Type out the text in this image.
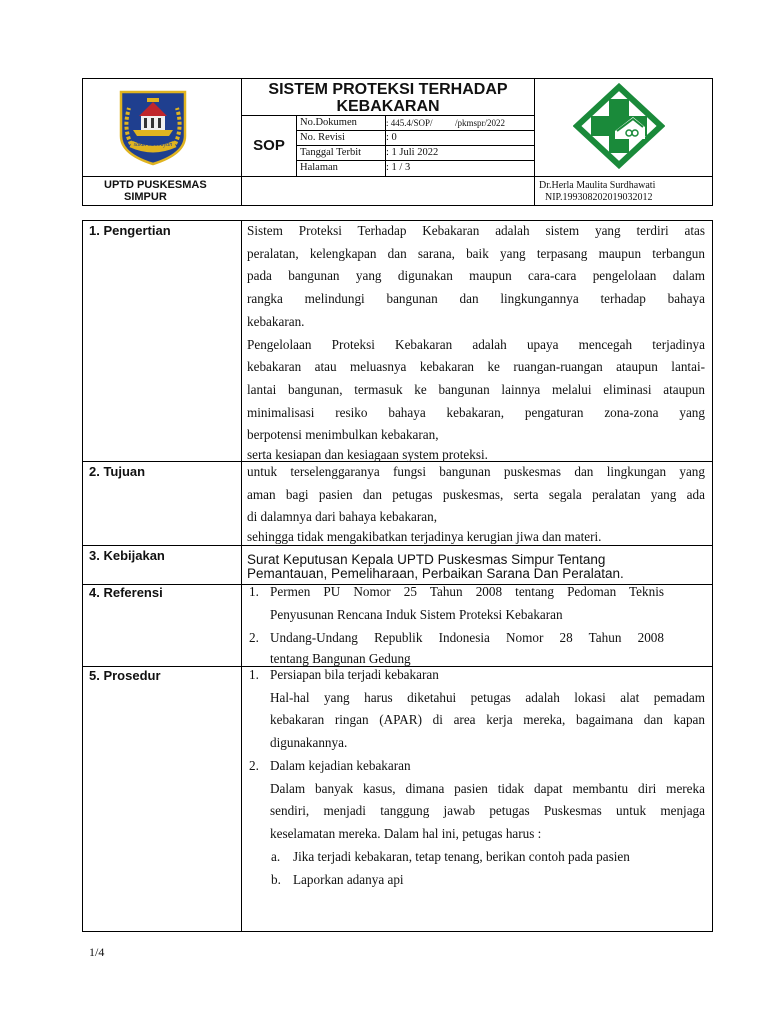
sakai sambayan
SISTEM PROTEKSI TERHADAP
KEBAKARAN
SOP
No.Dokumen	: 445.4/SOP/          /pkmspr/2022
No. Revisi	: 0
Tanggal Terbit : 1 Juli 2022
Halaman	: 1 / 3
UPTD PUSKESMAS
SIMPUR
Dr.Herla Maulita Surdhawati
NIP.199308202019032012
1. Pengertian	Sistem Proteksi Terhadap Kebakaran adalah sistem yang terdiri atas
peralatan, kelengkapan dan sarana, baik yang terpasang maupun terbangun
pada bangunan yang digunakan maupun cara-cara pengelolaan dalam
rangka melindungi bangunan dan lingkungannya terhadap bahaya
kebakaran.
Pengelolaan Proteksi Kebakaran adalah upaya mencegah terjadinya
kebakaran atau meluasnya kebakaran ke ruangan-ruangan ataupun lantai-
lantai bangunan, termasuk ke bangunan lainnya melalui eliminasi ataupun
minimalisasi resiko bahaya kebakaran, pengaturan zona-zona yang
berpotensi menimbulkan kebakaran,
serta kesiapan dan kesiagaan system proteksi.
2. Tujuan	untuk terselenggaranya fungsi bangunan puskesmas dan lingkungan yang
aman bagi pasien dan petugas puskesmas, serta segala peralatan yang ada
di dalamnya dari bahaya kebakaran,
sehingga tidak mengakibatkan terjadinya kerugian jiwa dan materi.
3. Kebijakan	Surat Keputusan Kepala UPTD Puskesmas Simpur Tentang
Pemantauan, Pemeliharaan, Perbaikan Sarana Dan Peralatan.
4. Referensi	1. Permen PU Nomor 25 Tahun 2008 tentang Pedoman Teknis
Penyusunan Rencana Induk Sistem Proteksi Kebakaran
2. Undang-Undang Republik Indonesia Nomor 28 Tahun 2008
tentang Bangunan Gedung
5. Prosedur	1. Persiapan bila terjadi kebakaran
Hal-hal yang harus diketahui petugas adalah lokasi alat pemadam
kebakaran ringan (APAR) di area kerja mereka, bagaimana dan kapan
digunakannya.
2. Dalam kejadian kebakaran
Dalam banyak kasus, dimana pasien tidak dapat membantu diri mereka
sendiri, menjadi tanggung jawab petugas Puskesmas untuk menjaga
keselamatan mereka. Dalam hal ini, petugas harus :
a. Jika terjadi kebakaran, tetap tenang, berikan contoh pada pasien
b. Laporkan adanya api
1/4
